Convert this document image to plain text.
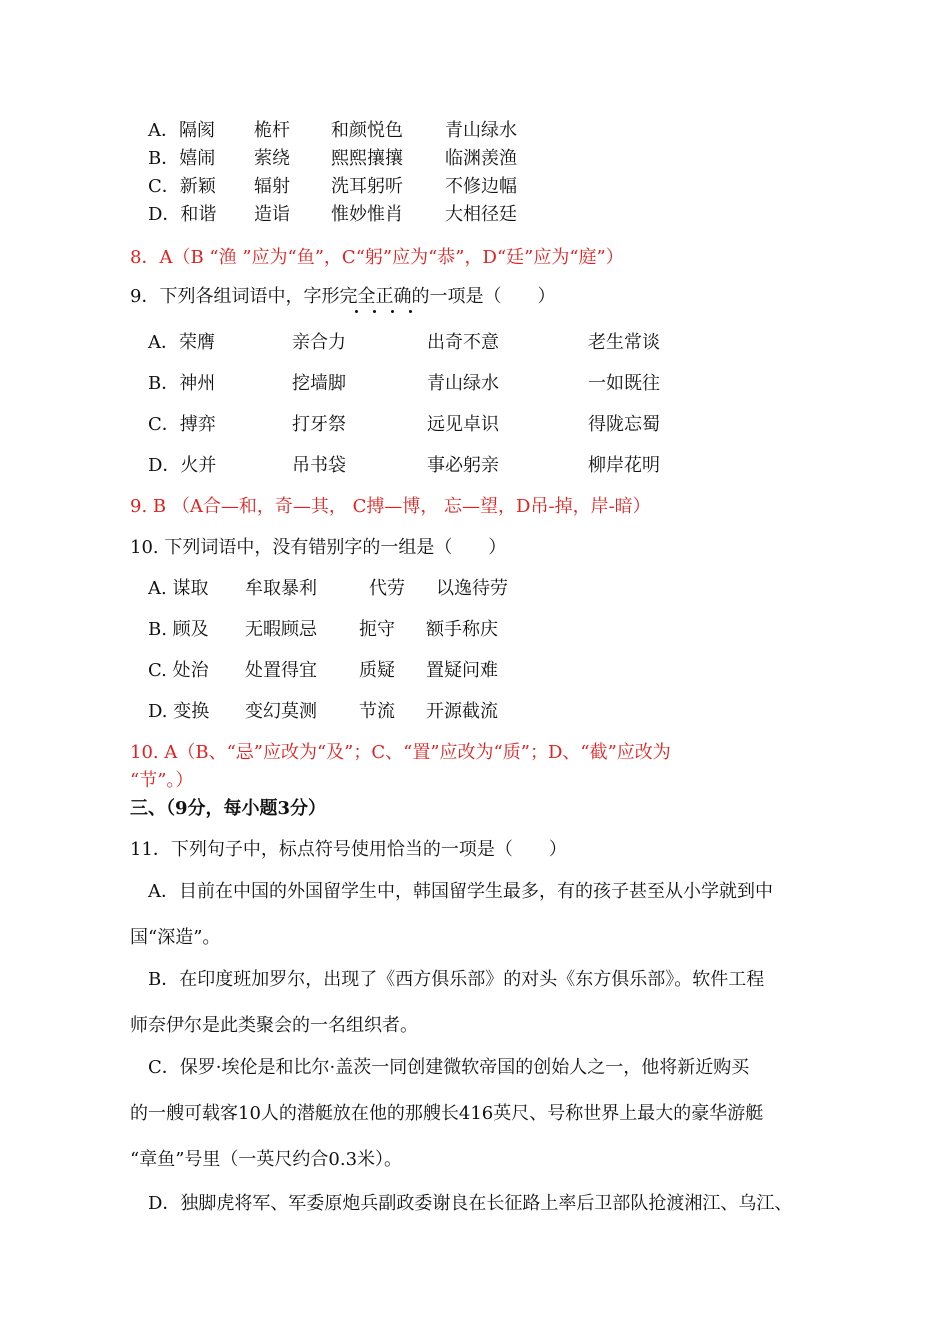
A．隔阂 桅杆 和颜悦色 青山绿水
B．嬉闹 萦绕 熙熙攘攘 临渊羡渔
C．新颖 辐射 洗耳躬听 不修边幅
D．和谐 造诣 惟妙惟肖 大相径廷
8．A（B “渔 ”应为“鱼”，C“躬”应为“恭”，D“廷”应为“庭”）
9．下列各组词语中，字形完全正确的一项是（　　）
A．荣膺	亲合力	出奇不意	老生常谈
B．神州	挖墙脚	青山绿水	一如既往
C．搏弈	打牙祭	远见卓识	得陇忘蜀
D．火并	吊书袋	事必躬亲	柳岸花明
9. B （A合—和，奇—其， C搏—博， 忘—望，D吊-掉，岸-暗）
10. 下列词语中，没有错别字的一组是（　　）
A. 谋取 牟取暴利	代劳 以逸待劳
B. 顾及 无暇顾忌 扼守 额手称庆
C. 处治 处置得宜 质疑 置疑问难
D. 变换 变幻莫测 节流 开源截流
10. A（B、“忌”应改为“及”；C、“置”应改为“质”；D、“截”应改为
“节”。）
三、（9分，每小题3分）
11．下列句子中，标点符号使用恰当的一项是（　　）
A．目前在中国的外国留学生中，韩国留学生最多，有的孩子甚至从小学就到中
国“深造”。
B．在印度班加罗尔，出现了《西方俱乐部》的对头《东方俱乐部》。软件工程
师奈伊尔是此类聚会的一名组织者。
C．保罗·埃伦是和比尔·盖茨一同创建微软帝国的创始人之一，他将新近购买
的一艘可载客10人的潜艇放在他的那艘长416英尺、号称世界上最大的豪华游艇
“章鱼”号里（一英尺约合0.3米）。
D．独脚虎将军、军委原炮兵副政委谢良在长征路上率后卫部队抢渡湘江、乌江、
